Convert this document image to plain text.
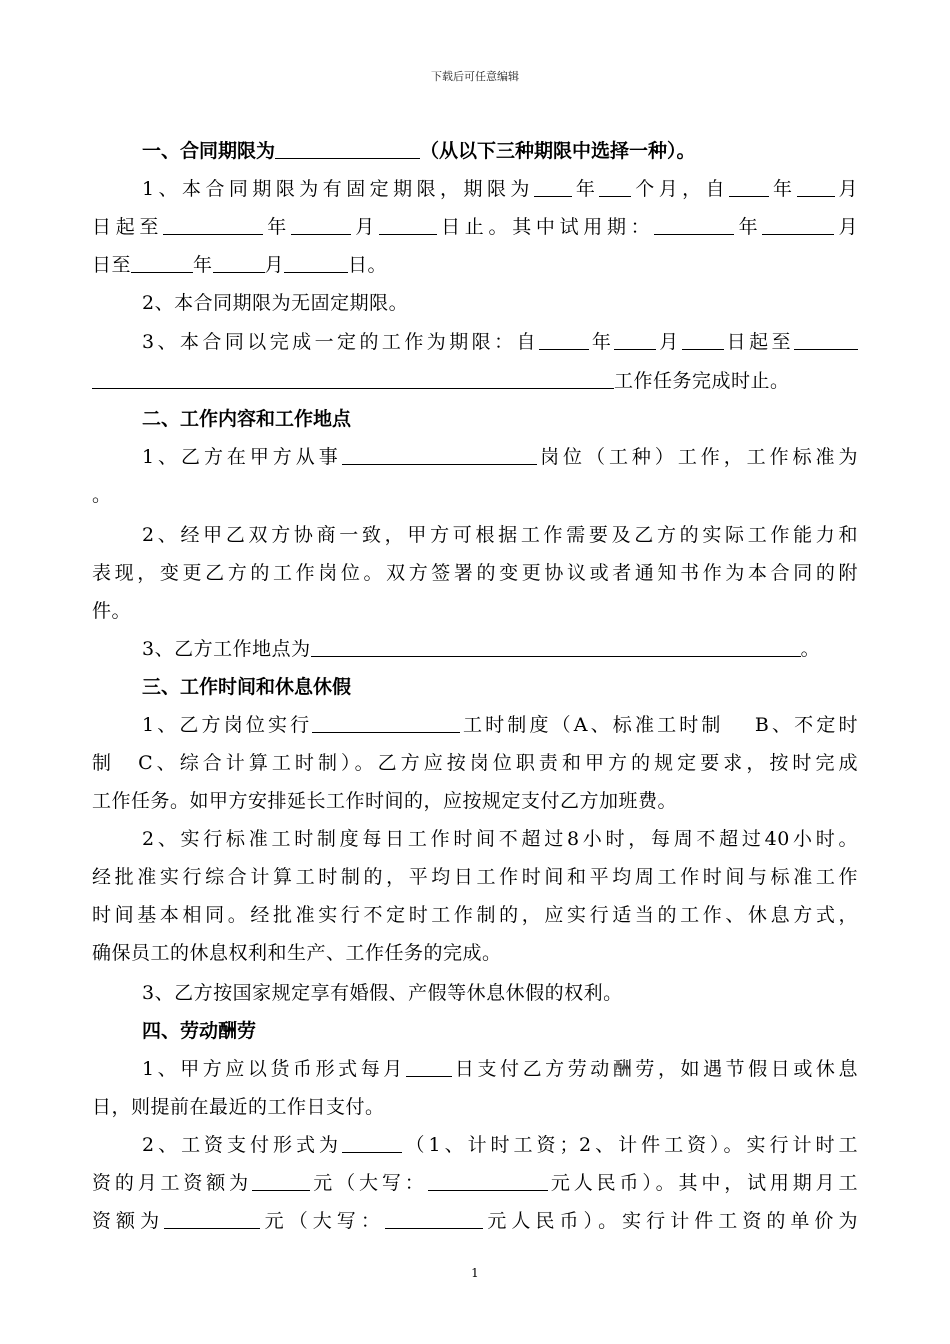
下载后可任意编辑
一、合同期限为	（从以下三种期限中选择一种）。
1、本合同期限为有固定期限，期限为 年 个月，自 年 月
日起至	年	月	日止。其中试用期：	年	月
日至	年	月	日。
2、本合同期限为无固定期限。
3、本合同以完成一定的工作为期限：自	年 月 日起至
工作任务完成时止。
二、工作内容和工作地点
1、乙方在甲方从事	岗位（工种）工作，工作标准为
。
2、经甲乙双方协商一致，甲方可根据工作需要及乙方的实际工作能力和
表现，变更乙方的工作岗位。双方签署的变更协议或者通知书作为本合同的附
件。
3、乙方工作地点为	。
三、工作时间和休息休假
1、乙方岗位实行	工时制度（A、标准工时制　 B、不定时
制　C、综合计算工时制）。乙方应按岗位职责和甲方的规定要求，按时完成
工作任务。如甲方安排延长工作时间的，应按规定支付乙方加班费。
2、实行标准工时制度每日工作时间不超过8小时，每周不超过40小时。
经批准实行综合计算工时制的，平均日工作时间和平均周工作时间与标准工作
时间基本相同。经批准实行不定时工作制的，应实行适当的工作、休息方式，
确保员工的休息权利和生产、工作任务的完成。
3、乙方按国家规定享有婚假、产假等休息休假的权利。
四、劳动酬劳
1、甲方应以货币形式每月 日支付乙方劳动酬劳，如遇节假日或休息
日，则提前在最近的工作日支付。
2、工资支付形式为	（1、计时工资；2、计件工资）。实行计时工
资的月工资额为	元（大写：	元人民币）。其中，试用期月工
资额为	元（大写：	元人民币）。实行计件工资的单价为
1
